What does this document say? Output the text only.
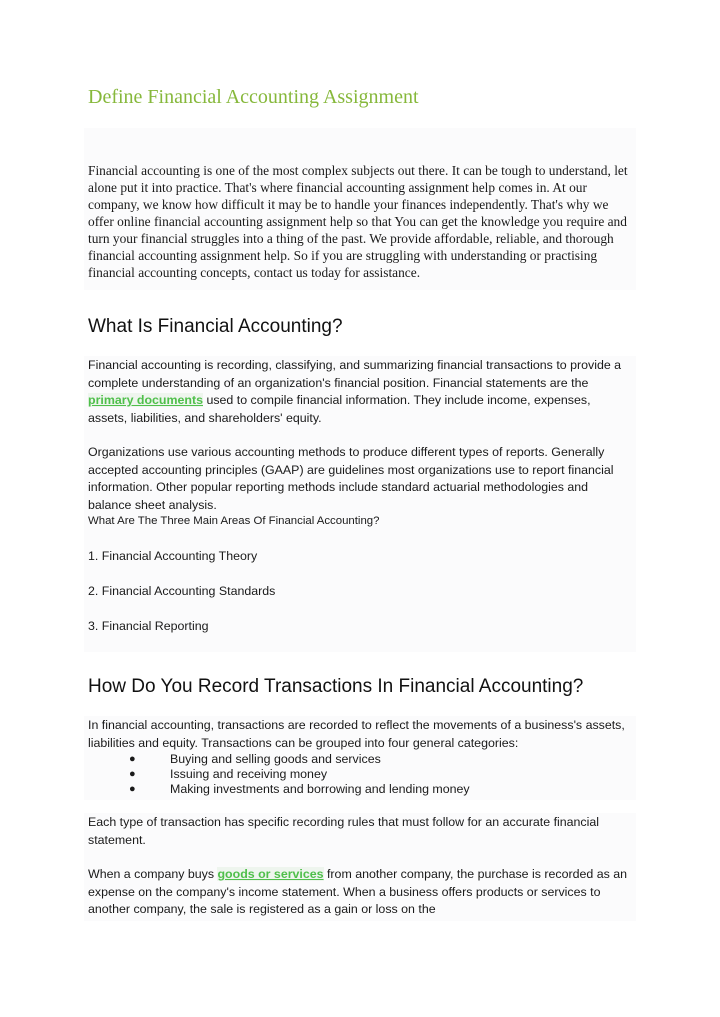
Define Financial Accounting Assignment

Financial accounting is one of the most complex subjects out there. It can be tough to understand, let alone put it into practice. That's where financial accounting assignment help comes in. At our company, we know how difficult it may be to handle your finances independently. That's why we offer online financial accounting assignment help so that You can get the knowledge you require and turn your financial struggles into a thing of the past. We provide affordable, reliable, and thorough financial accounting assignment help. So if you are struggling with understanding or practising financial accounting concepts, contact us today for assistance.

What Is Financial Accounting?

Financial accounting is recording, classifying, and summarizing financial transactions to provide a complete understanding of an organization's financial position. Financial statements are the primary documents used to compile financial information. They include income, expenses, assets, liabilities, and shareholders' equity.

Organizations use various accounting methods to produce different types of reports. Generally accepted accounting principles (GAAP) are guidelines most organizations use to report financial information. Other popular reporting methods include standard actuarial methodologies and balance sheet analysis.

What Are The Three Main Areas Of Financial Accounting?

1. Financial Accounting Theory

2. Financial Accounting Standards

3. Financial Reporting

How Do You Record Transactions In Financial Accounting?

In financial accounting, transactions are recorded to reflect the movements of a business's assets, liabilities and equity. Transactions can be grouped into four general categories:

●	Buying and selling goods and services
●	Issuing and receiving money
●	Making investments and borrowing and lending money

Each type of transaction has specific recording rules that must follow for an accurate financial statement.

When a company buys goods or services from another company, the purchase is recorded as an expense on the company's income statement. When a business offers products or services to another company, the sale is registered as a gain or loss on the
